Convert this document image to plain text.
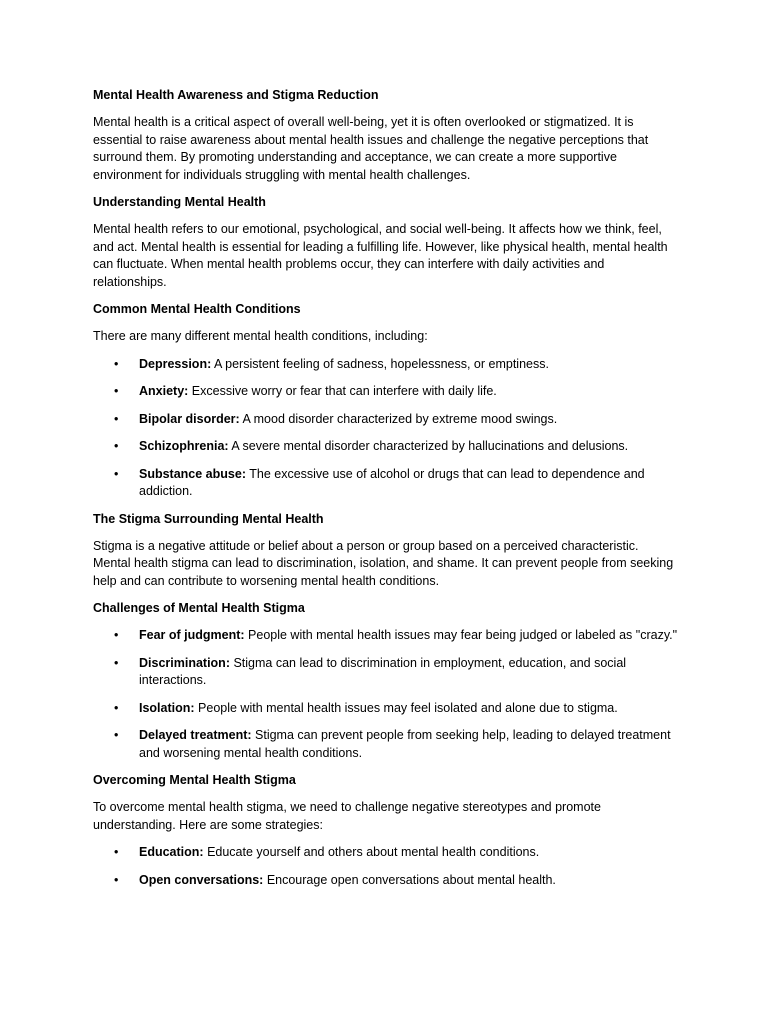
Mental Health Awareness and Stigma Reduction

Mental health is a critical aspect of overall well-being, yet it is often overlooked or stigmatized. It is essential to raise awareness about mental health issues and challenge the negative perceptions that surround them. By promoting understanding and acceptance, we can create a more supportive environment for individuals struggling with mental health challenges.

Understanding Mental Health

Mental health refers to our emotional, psychological, and social well-being. It affects how we think, feel, and act. Mental health is essential for leading a fulfilling life. However, like physical health, mental health can fluctuate. When mental health problems occur, they can interfere with daily activities and relationships.

Common Mental Health Conditions

There are many different mental health conditions, including:

• Depression: A persistent feeling of sadness, hopelessness, or emptiness.
• Anxiety: Excessive worry or fear that can interfere with daily life.
• Bipolar disorder: A mood disorder characterized by extreme mood swings.
• Schizophrenia: A severe mental disorder characterized by hallucinations and delusions.
• Substance abuse: The excessive use of alcohol or drugs that can lead to dependence and addiction.
The Stigma Surrounding Mental Health

Stigma is a negative attitude or belief about a person or group based on a perceived characteristic. Mental health stigma can lead to discrimination, isolation, and shame. It can prevent people from seeking help and can contribute to worsening mental health conditions.

Challenges of Mental Health Stigma
• Fear of judgment: People with mental health issues may fear being judged or labeled as "crazy."
• Discrimination: Stigma can lead to discrimination in employment, education, and social interactions.
• Isolation: People with mental health issues may feel isolated and alone due to stigma.
• Delayed treatment: Stigma can prevent people from seeking help, leading to delayed treatment and worsening mental health conditions.
Overcoming Mental Health Stigma

To overcome mental health stigma, we need to challenge negative stereotypes and promote understanding. Here are some strategies:

• Education: Educate yourself and others about mental health conditions.
• Open conversations: Encourage open conversations about mental health.
